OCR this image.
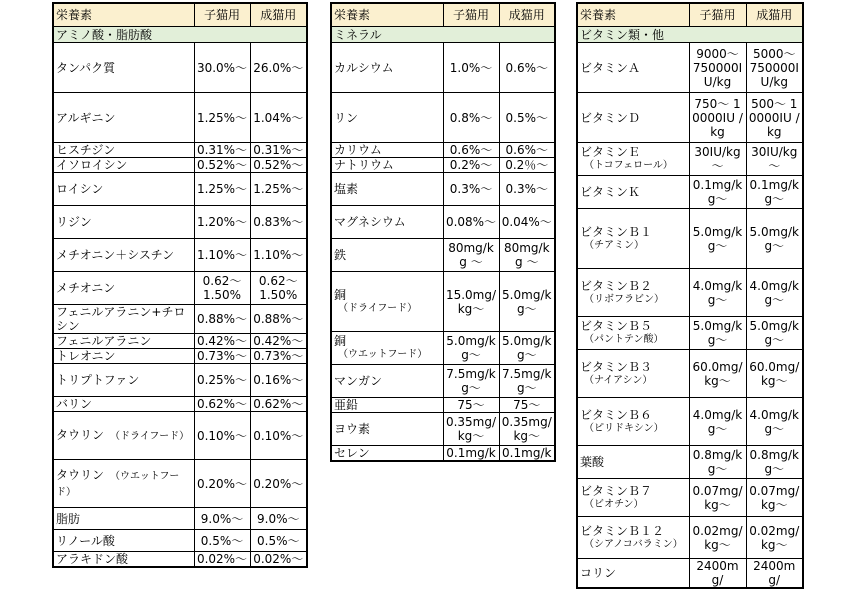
栄養素	子猫用	成猫用
アミノ酸・脂肪酸		
タンパク質	30.0%～	26.0%～
アルギニン	1.25%～	1.04%～
ヒスチジン	0.31%～	0.31%～
イソロイシン	0.52%～	0.52%～
ロイシン	1.25%～	1.25%～
リジン	1.20%～	0.83%～
メチオニン＋シスチン	1.10%～	1.10%～
メチオニン	0.62～ 1.50%	0.62～ 1.50%
フェニルアラニン+チロシン	0.88%～	0.88%～
フェニルアラニン	0.42%～	0.42%～
トレオニン	0.73%～	0.73%～
トリプトファン	0.25%～	0.16%～
バリン	0.62%～	0.62%～
タウリン （ドライフード）	0.10%～	0.10%～
タウリン （ウエットフード）	0.20%～	0.20%～
脂肪	9.0%～	9.0%～
リノール酸	0.5%～	0.5%～
アラキドン酸	0.02%～	0.02%～
栄養素	子猫用	成猫用
ミネラル		
カルシウム	1.0%～	0.6%～
リン	0.8%～	0.5%～
カリウム	0.6%～	0.6%～
ナトリウム	0.2%～	0.2％～
塩素	0.3%～	0.3%～
マグネシウム	0.08%～	0.04%～
鉄	80mg/kg ～	80mg/kg ～
銅
（ドライフード）	15.0mg/ kg～	5.0mg/k g～
銅
（ウエットフード）	5.0mg/k g～	5.0mg/k g～
マンガン	7.5mg/k g～	7.5mg/k g～
亜鉛	75～	75～
ヨウ素	0.35mg/ kg～	0.35mg/ kg～
セレン	0.1mg/k	0.1mg/k
栄養素	子猫用	成猫用
ビタミン類・他		
ビタミンＡ	9000～ 750000I U/kg	5000～ 750000I U/kg
ビタミンＤ	750～ 10000IU /kg	500～ 10000IU /kg
ビタミンＥ
（トコフェロール）	30IU/kg ～	30IU/kg ～
ビタミンＫ	0.1mg/k g～	0.1mg/k g～
ビタミンＢ１
（チアミン）	5.0mg/k g～	5.0mg/k g～
ビタミンＢ２
（リボフラビン）	4.0mg/k g～	4.0mg/k g～
ビタミンＢ５
（パントテン酸）	5.0mg/k g～	5.0mg/k g～
ビタミンＢ３
（ナイアシン）	60.0mg/ kg～	60.0mg/ kg～
ビタミンＢ６
（ピリドキシン）	4.0mg/k g～	4.0mg/k g～
葉酸	0.8mg/k g～	0.8mg/k g～
ビタミンＢ７
（ビオチン）	0.07mg/ kg～	0.07mg/ kg～
ビタミンＢ１２
（シアノコバラミン）	0.02mg/ kg～	0.02mg/ kg～
コリン	2400mg/	2400mg/
